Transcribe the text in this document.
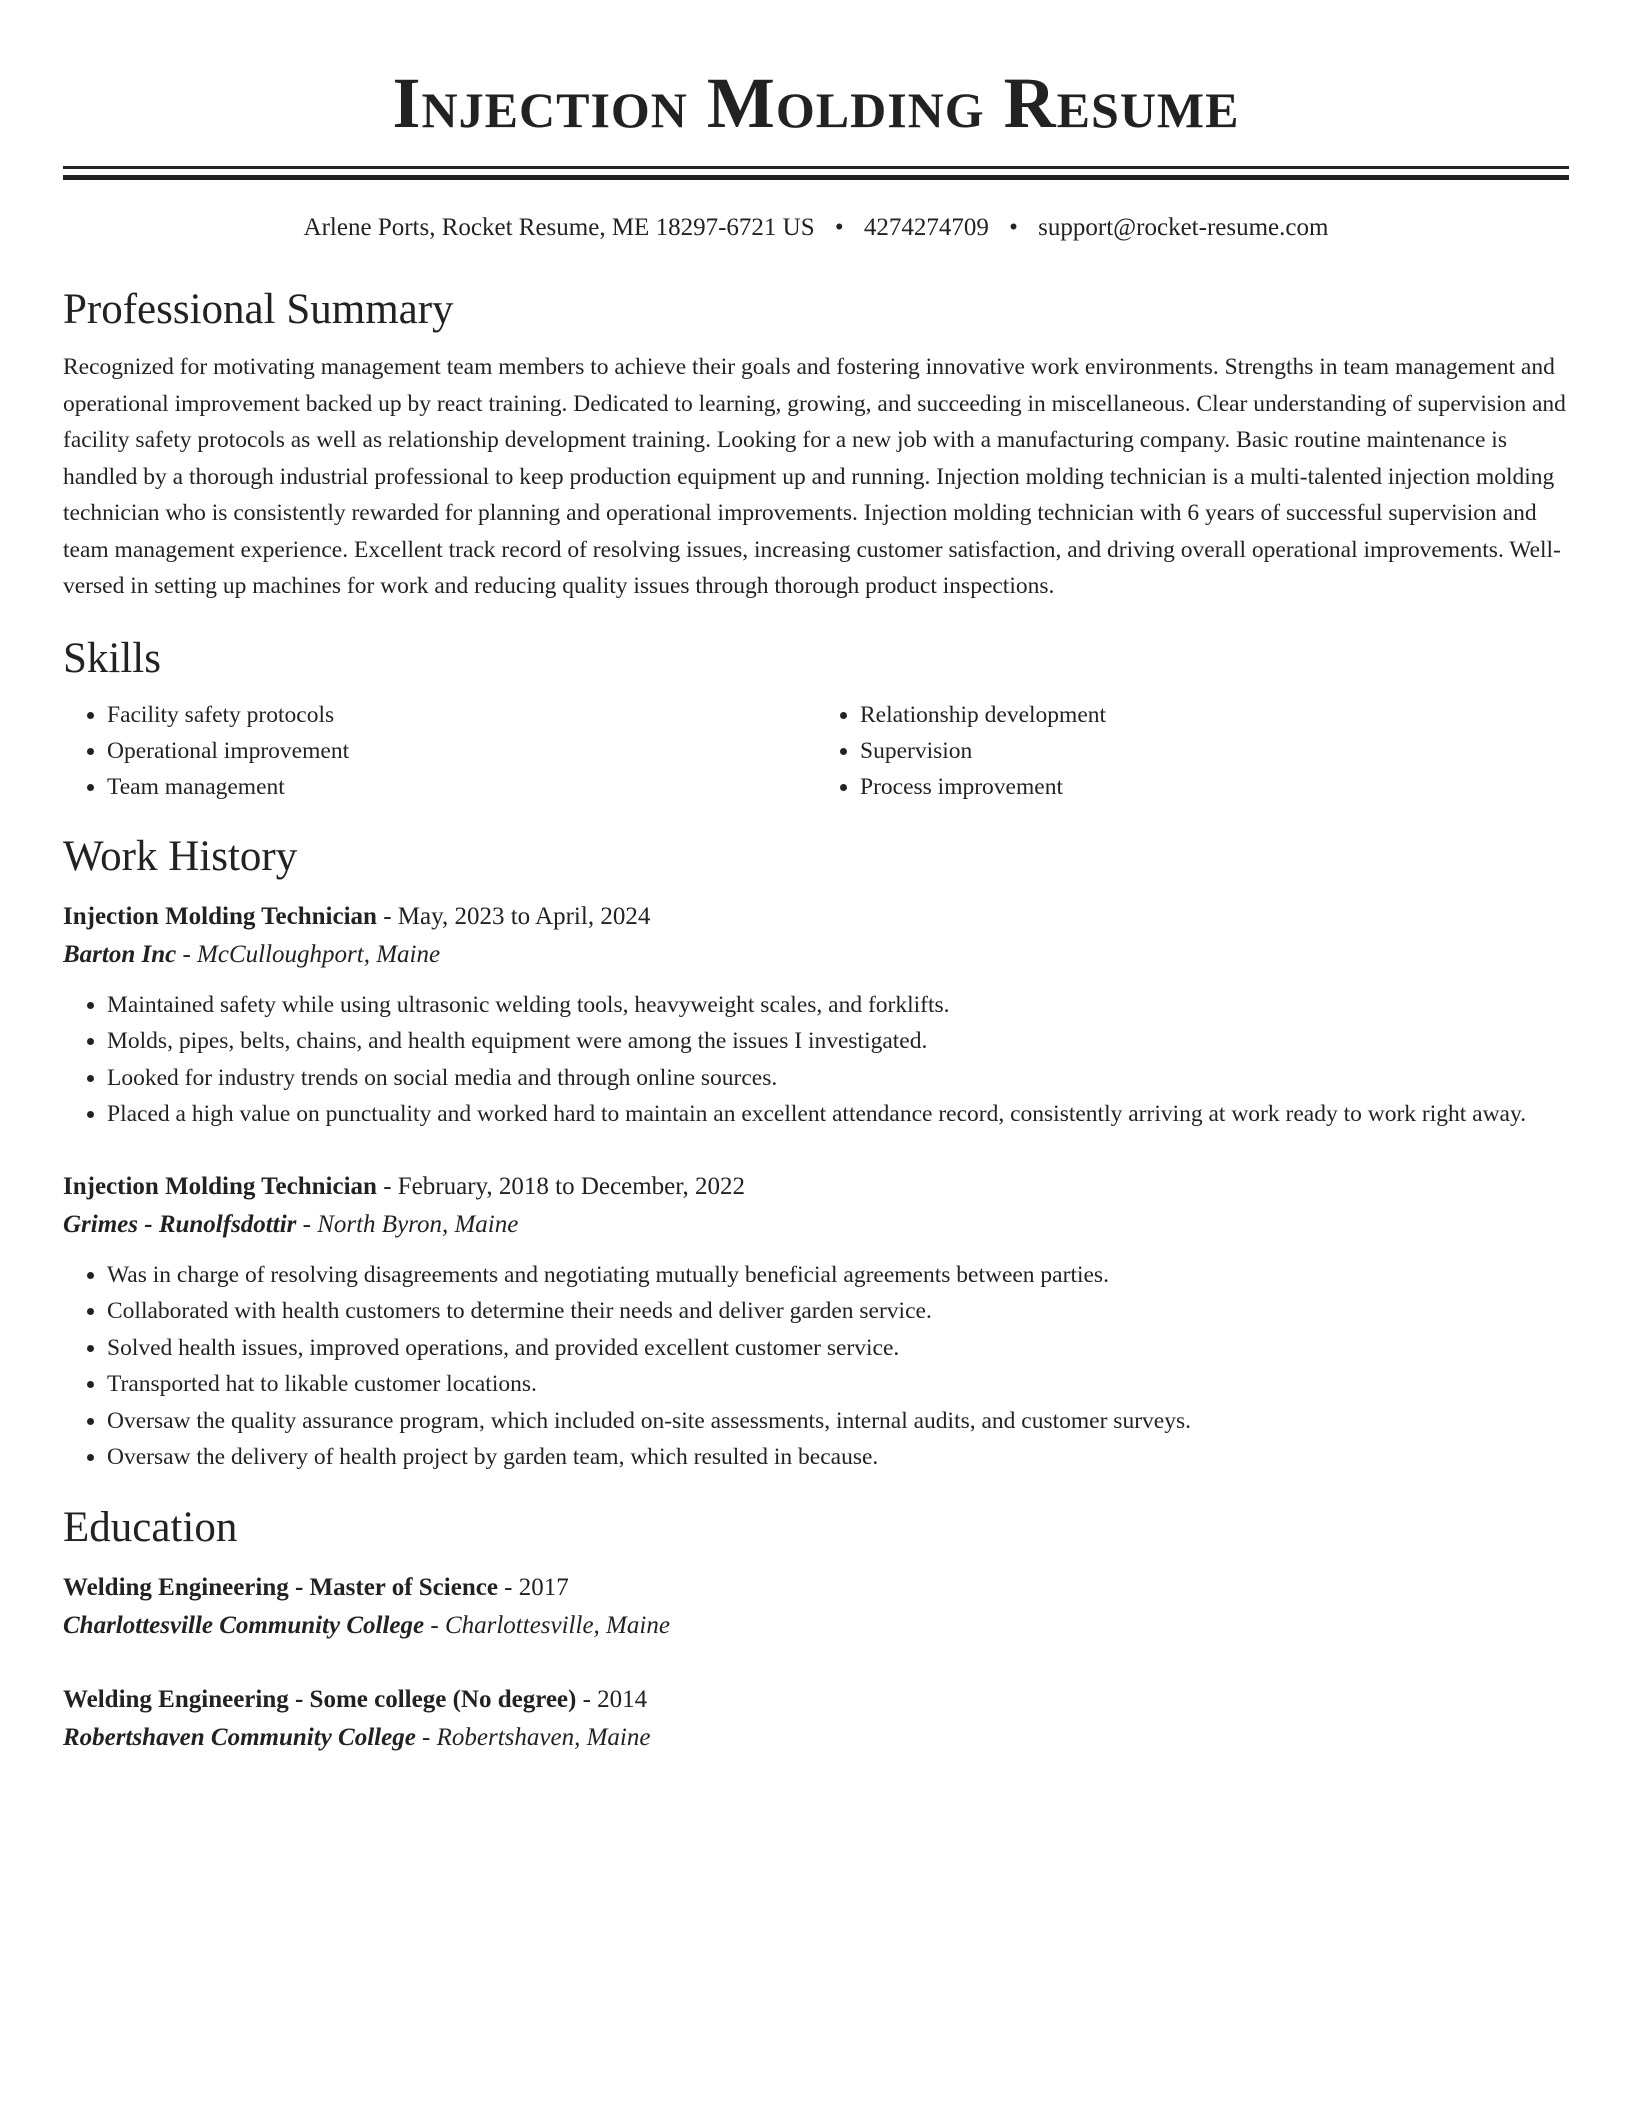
Injection Molding Resume
Arlene Ports, Rocket Resume, ME 18297-6721 US • 4274274709 • support@rocket-resume.com
Professional Summary
Recognized for motivating management team members to achieve their goals and fostering innovative work environments. Strengths in team management and operational improvement backed up by react training. Dedicated to learning, growing, and succeeding in miscellaneous. Clear understanding of supervision and facility safety protocols as well as relationship development training. Looking for a new job with a manufacturing company. Basic routine maintenance is handled by a thorough industrial professional to keep production equipment up and running. Injection molding technician is a multi-talented injection molding technician who is consistently rewarded for planning and operational improvements. Injection molding technician with 6 years of successful supervision and team management experience. Excellent track record of resolving issues, increasing customer satisfaction, and driving overall operational improvements. Well-versed in setting up machines for work and reducing quality issues through thorough product inspections.
Skills
• Facility safety protocols
• Operational improvement
• Team management
• Relationship development
• Supervision
• Process improvement
Work History
Injection Molding Technician - May, 2023 to April, 2024
Barton Inc - McCulloughport, Maine
• Maintained safety while using ultrasonic welding tools, heavyweight scales, and forklifts.
• Molds, pipes, belts, chains, and health equipment were among the issues I investigated.
• Looked for industry trends on social media and through online sources.
• Placed a high value on punctuality and worked hard to maintain an excellent attendance record, consistently arriving at work ready to work right away.
Injection Molding Technician - February, 2018 to December, 2022
Grimes - Runolfsdottir - North Byron, Maine
• Was in charge of resolving disagreements and negotiating mutually beneficial agreements between parties.
• Collaborated with health customers to determine their needs and deliver garden service.
• Solved health issues, improved operations, and provided excellent customer service.
• Transported hat to likable customer locations.
• Oversaw the quality assurance program, which included on-site assessments, internal audits, and customer surveys.
• Oversaw the delivery of health project by garden team, which resulted in because.
Education
Welding Engineering - Master of Science - 2017
Charlottesville Community College - Charlottesville, Maine
Welding Engineering - Some college (No degree) - 2014
Robertshaven Community College - Robertshaven, Maine
